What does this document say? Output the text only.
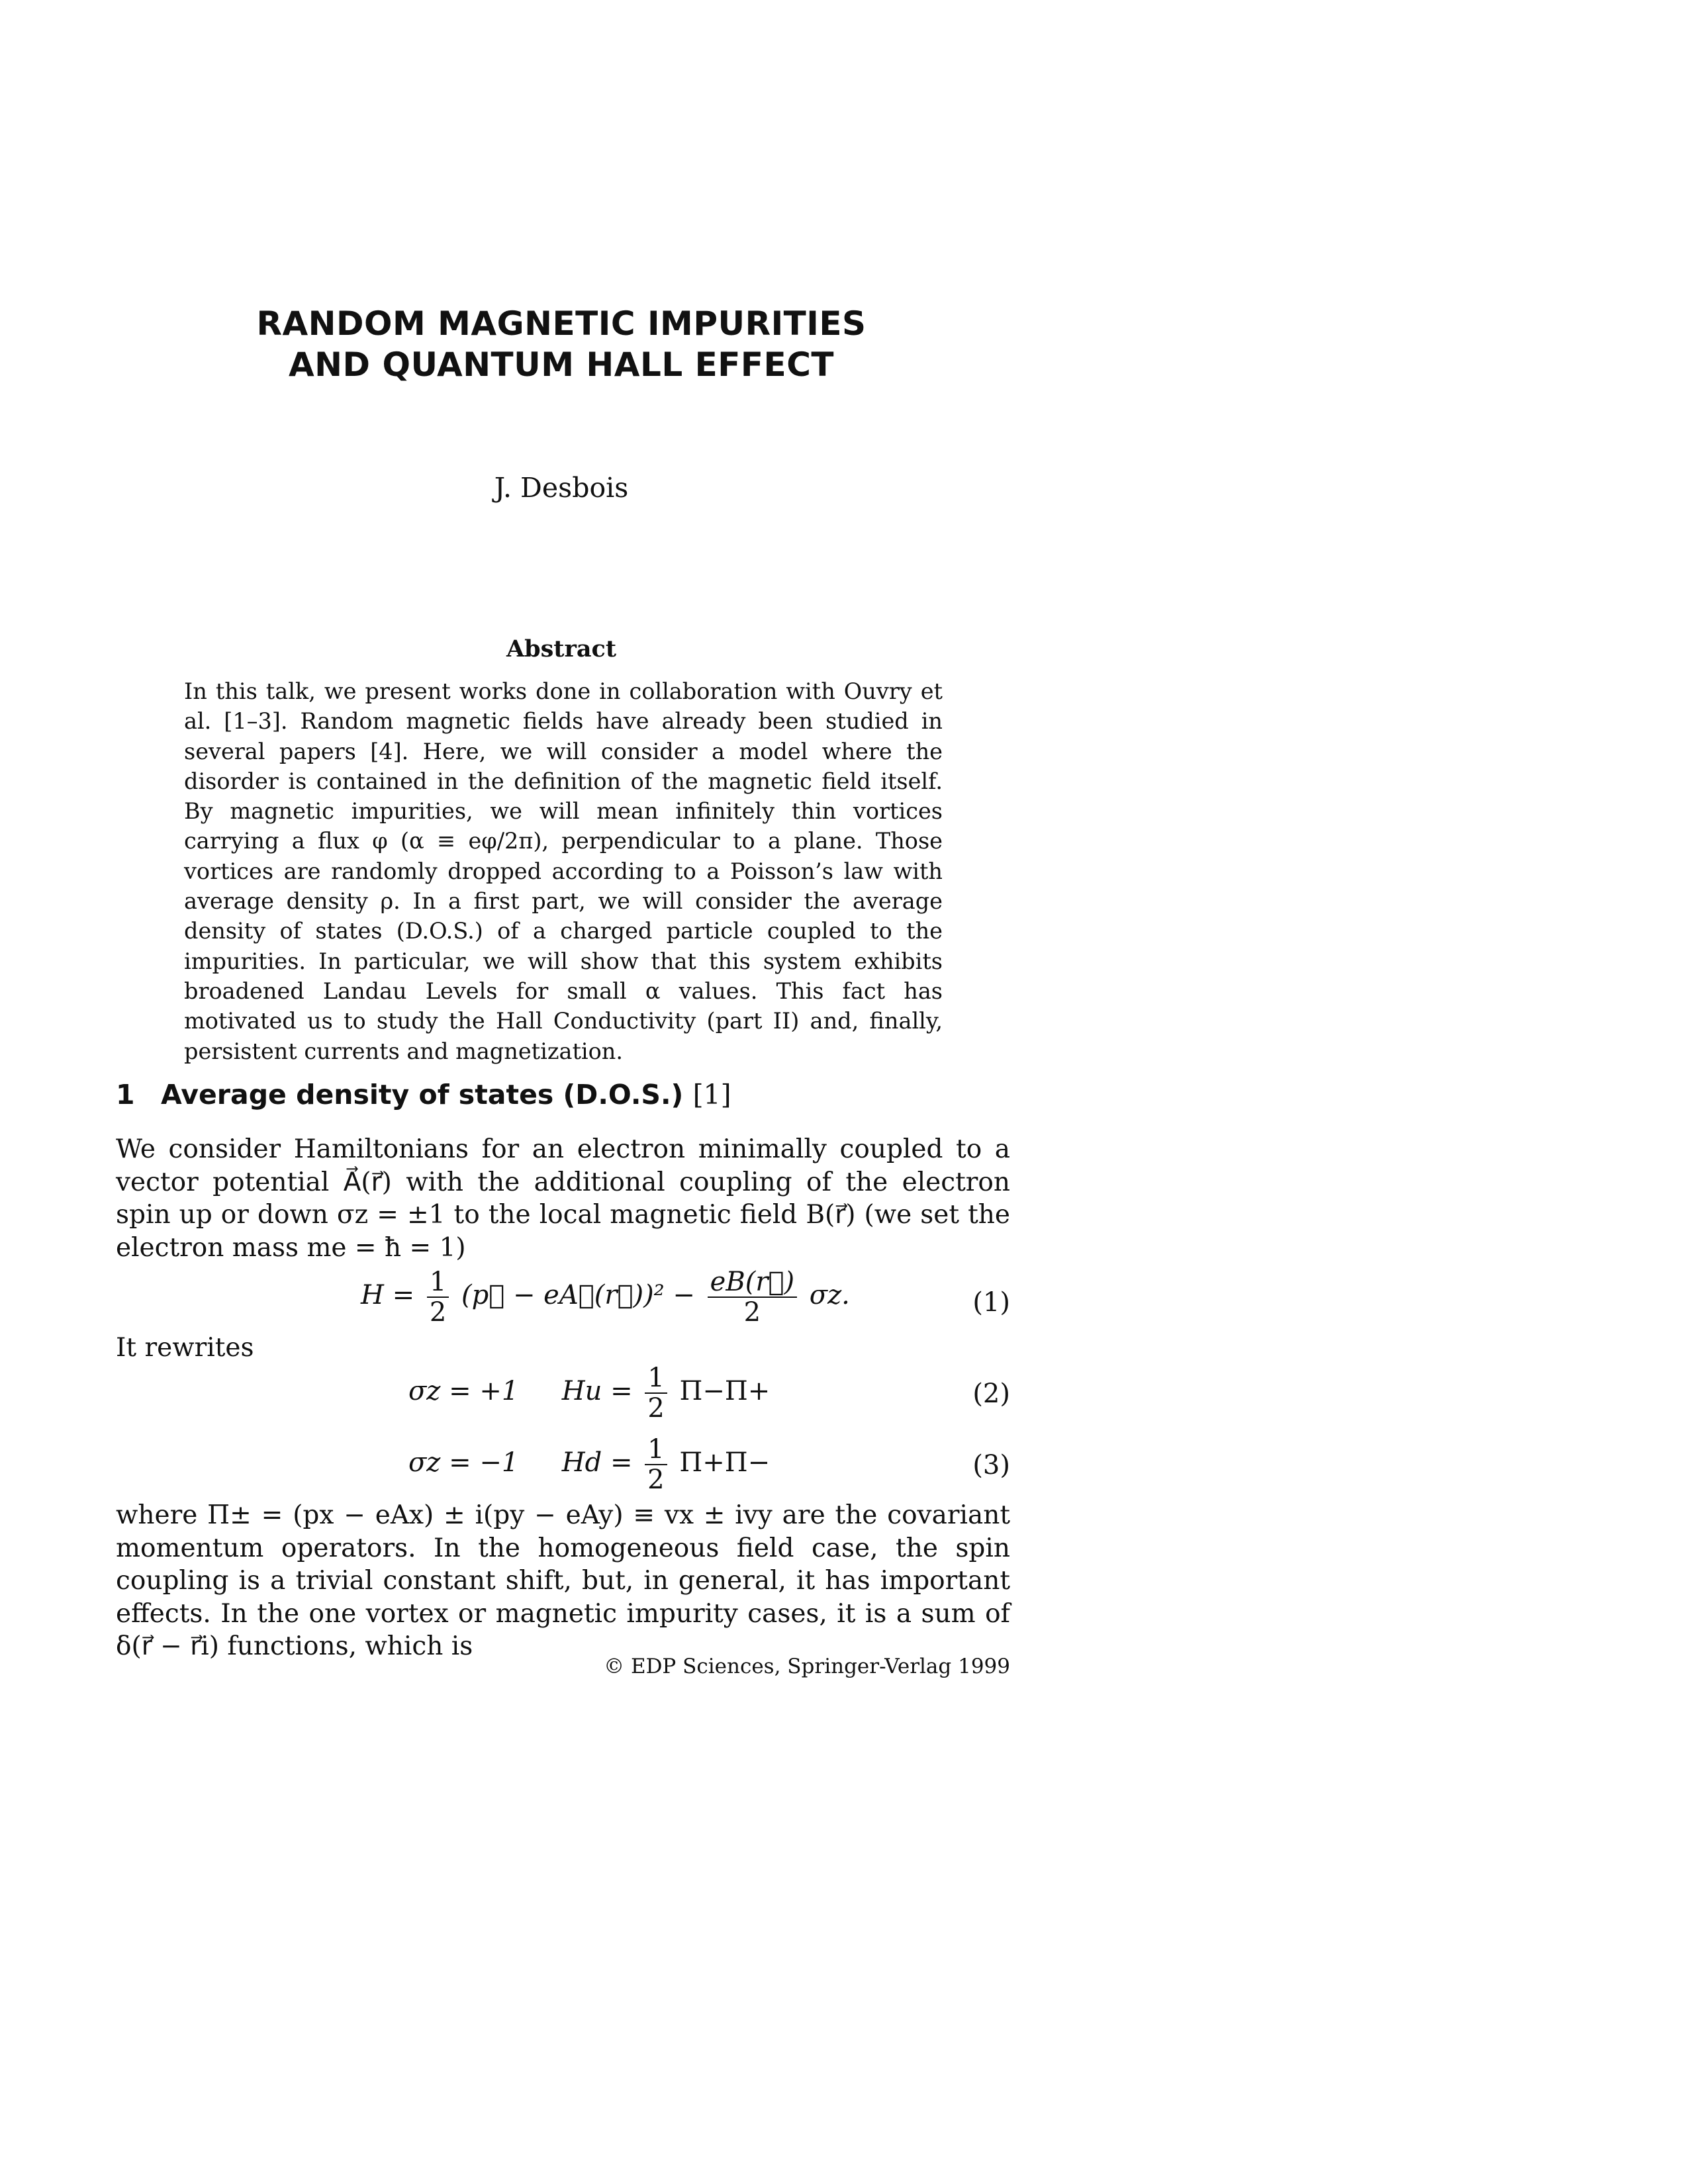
RANDOM MAGNETIC IMPURITIES
AND QUANTUM HALL EFFECT
J. Desbois
Abstract
In this talk, we present works done in collaboration with Ouvry et al. [1–3]. Random magnetic fields have already been studied in several papers [4]. Here, we will consider a model where the disorder is contained in the definition of the magnetic field itself. By magnetic impurities, we will mean infinitely thin vortices carrying a flux φ (α ≡ eφ/2π), perpendicular to a plane. Those vortices are randomly dropped according to a Poisson’s law with average density ρ. In a first part, we will consider the average density of states (D.O.S.) of a charged particle coupled to the impurities. In particular, we will show that this system exhibits broadened Landau Levels for small α values. This fact has motivated us to study the Hall Conductivity (part II) and, finally, persistent currents and magnetization.
1 Average density of states (D.O.S.) [1]
We consider Hamiltonians for an electron minimally coupled to a vector potential A⃗(r⃗) with the additional coupling of the electron spin up or down σz = ±1 to the local magnetic field B(r⃗) (we set the electron mass me = ħ = 1)
$H = \frac{1}{2}$ (p⃗ − eA⃗(r⃗))² − $\frac{eB(r⃗)}{2} \sigma z$.	(1)
It rewrites
σz = +1 $Hu = \frac{1}{2} \Pi-\Pi+$	(2)
σz = −1 $Hd = \frac{1}{2} \Pi+\Pi-$	(3)
where Π± = (px − eAx) ± i(py − eAy) ≡ vx ± ivy are the covariant momentum operators. In the homogeneous field case, the spin coupling is a trivial constant shift, but, in general, it has important effects. In the one vortex or magnetic impurity cases, it is a sum of δ(r⃗ − r⃗i) functions, which is
© EDP Sciences, Springer-Verlag 1999
